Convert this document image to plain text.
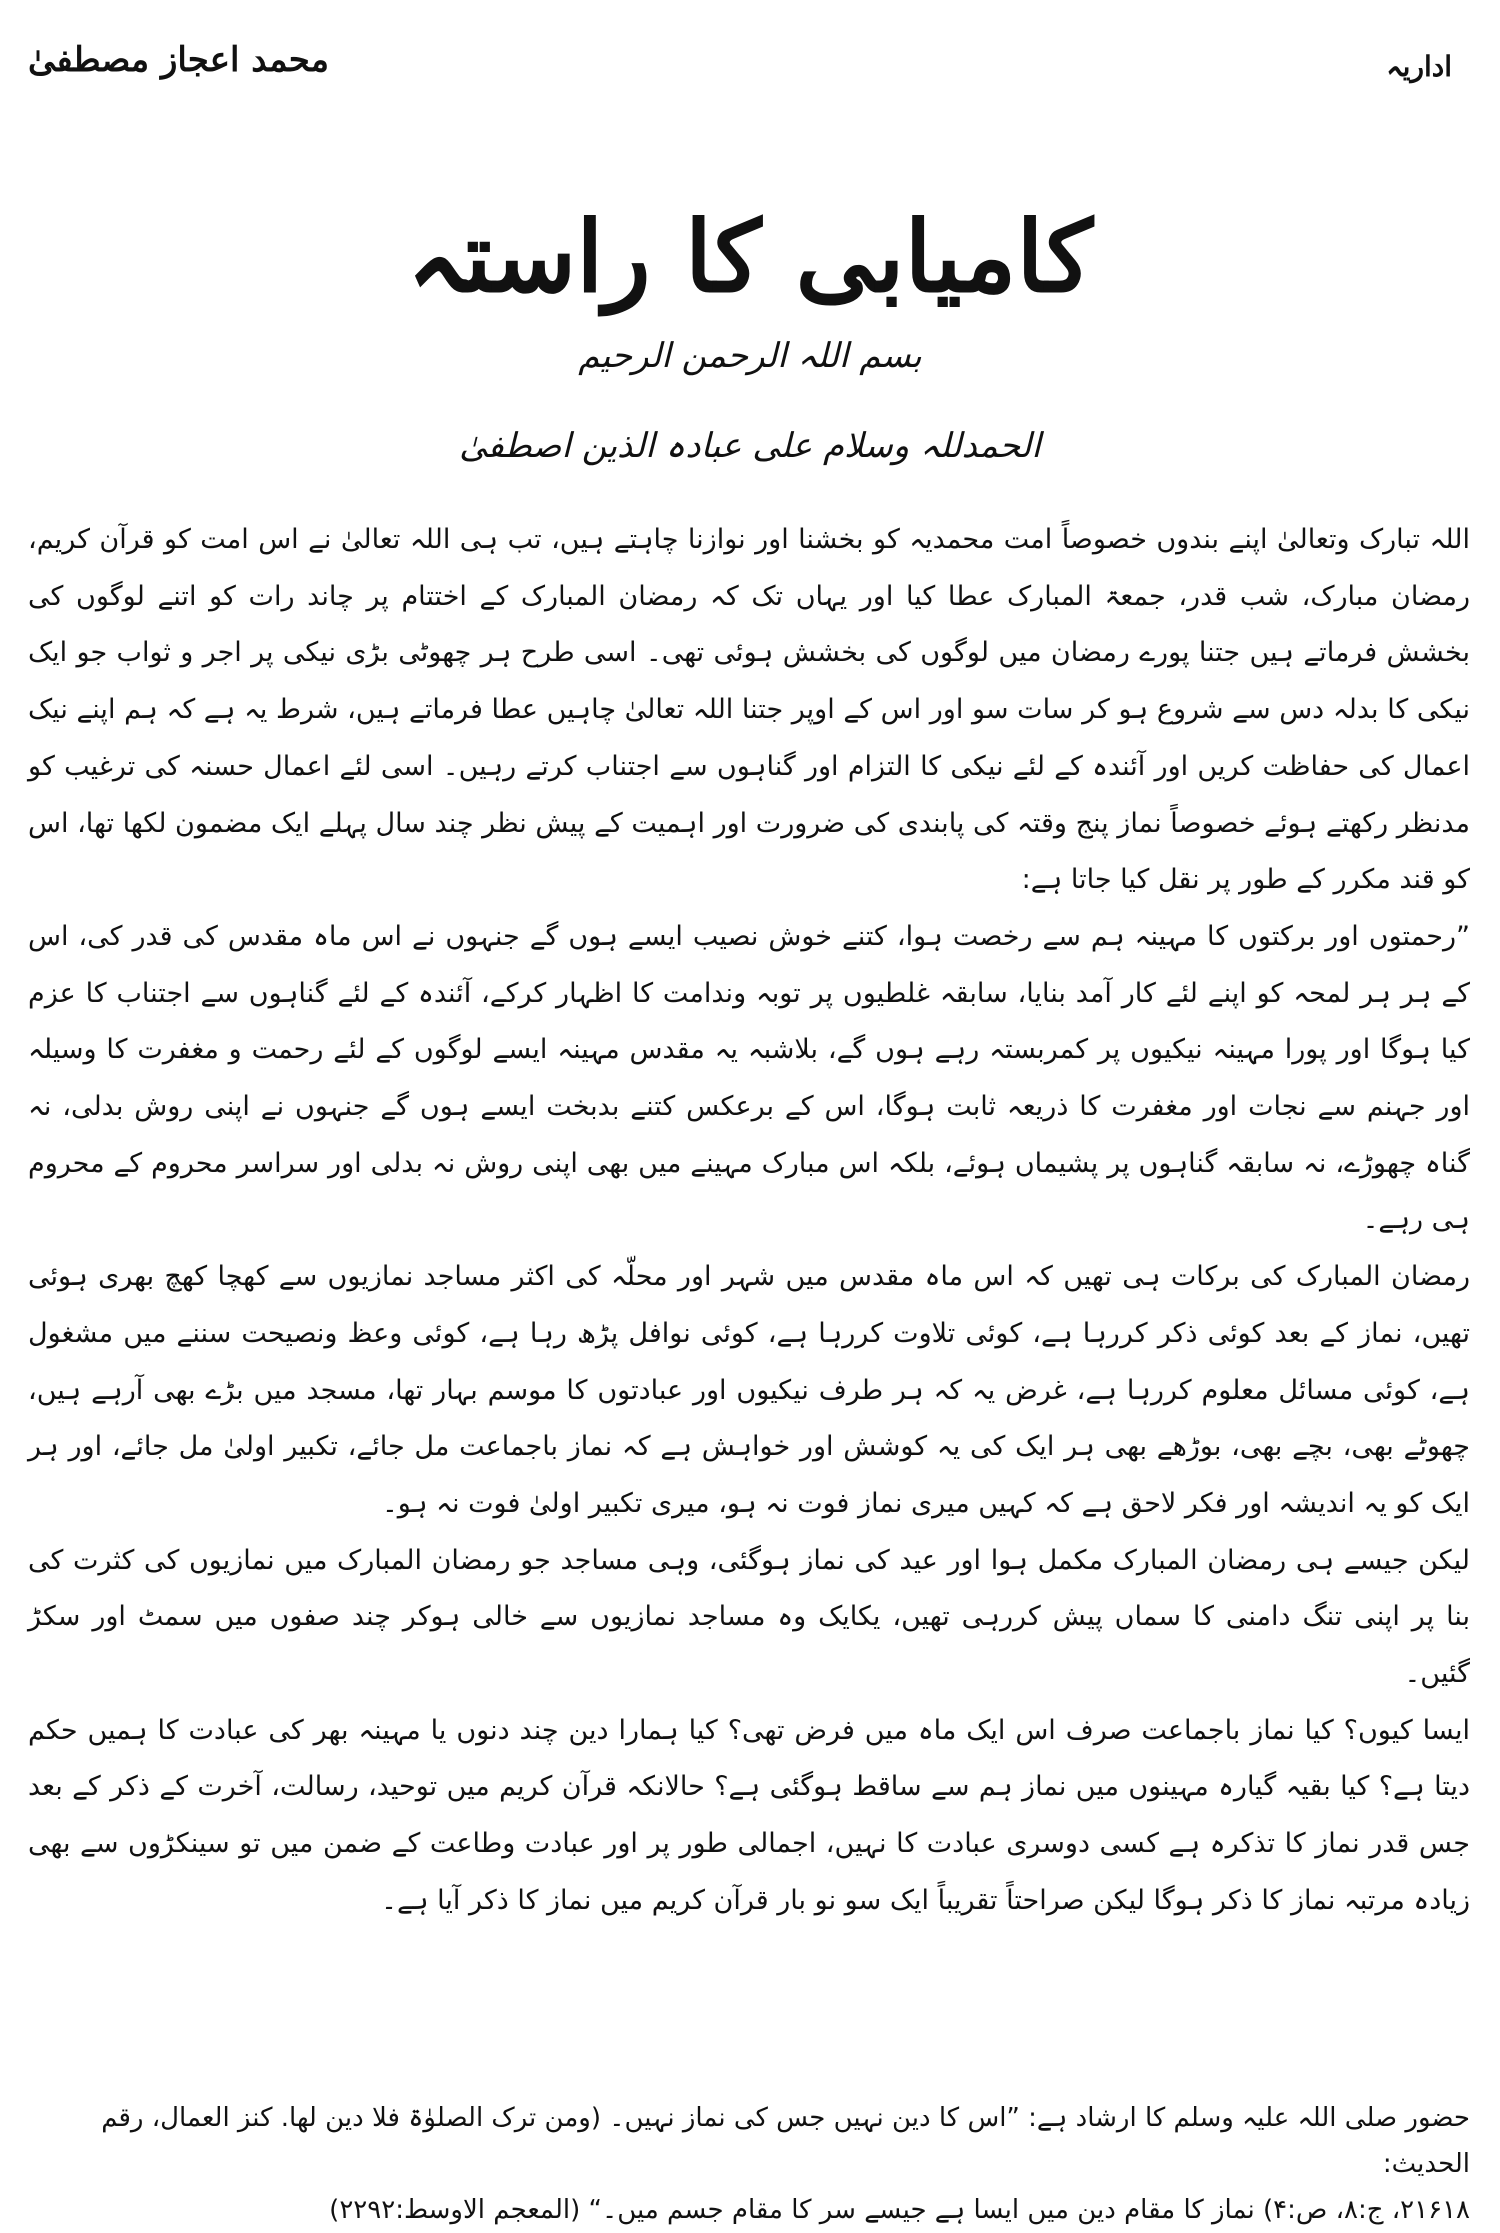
محمد اعجاز مصطفیٰ	اداریہ
کامیابی کا راستہ
بسم اللہ الرحمن الرحیم
الحمدللہ وسلام علی عبادہ الذین اصطفیٰ

اللہ تبارک وتعالیٰ اپنے بندوں خصوصاً امت محمدیہ کو بخشنا اور نوازنا چاہتے ہیں، تب ہی اللہ تعالیٰ نے اس امت کو قرآن کریم، رمضان مبارک، شب قدر، جمعۃ المبارک عطا کیا اور یہاں تک کہ رمضان المبارک کے اختتام پر چاند رات کو اتنے لوگوں کی بخشش فرماتے ہیں جتنا پورے رمضان میں لوگوں کی بخشش ہوئی تھی۔ اسی طرح ہر چھوٹی بڑی نیکی پر اجر و ثواب جو ایک نیکی کا بدلہ دس سے شروع ہو کر سات سو اور اس کے اوپر جتنا اللہ تعالیٰ چاہیں عطا فرماتے ہیں، شرط یہ ہے کہ ہم اپنے نیک اعمال کی حفاظت کریں اور آئندہ کے لئے نیکی کا التزام اور گناہوں سے اجتناب کرتے رہیں۔ اسی لئے اعمال حسنہ کی ترغیب کو مدنظر رکھتے ہوئے خصوصاً نماز پنج وقتہ کی پابندی کی ضرورت اور اہمیت کے پیش نظر چند سال پہلے ایک مضمون لکھا تھا، اس کو قند مکرر کے طور پر نقل کیا جاتا ہے:

”رحمتوں اور برکتوں کا مہینہ ہم سے رخصت ہوا، کتنے خوش نصیب ایسے ہوں گے جنہوں نے اس ماہ مقدس کی قدر کی، اس کے ہر ہر لمحہ کو اپنے لئے کار آمد بنایا، سابقہ غلطیوں پر توبہ وندامت کا اظہار کرکے، آئندہ کے لئے گناہوں سے اجتناب کا عزم کیا ہوگا اور پورا مہینہ نیکیوں پر کمربستہ رہے ہوں گے، بلاشبہ یہ مقدس مہینہ ایسے لوگوں کے لئے رحمت و مغفرت کا وسیلہ اور جہنم سے نجات اور مغفرت کا ذریعہ ثابت ہوگا، اس کے برعکس کتنے بدبخت ایسے ہوں گے جنہوں نے اپنی روش بدلی، نہ گناہ چھوڑے، نہ سابقہ گناہوں پر پشیماں ہوئے، بلکہ اس مبارک مہینے میں بھی اپنی روش نہ بدلی اور سراسر محروم کے محروم ہی رہے۔

رمضان المبارک کی برکات ہی تھیں کہ اس ماہ مقدس میں شہر اور محلّہ کی اکثر مساجد نمازیوں سے کھچا کھچ بھری ہوئی تھیں، نماز کے بعد کوئی ذکر کررہا ہے، کوئی تلاوت کررہا ہے، کوئی نوافل پڑھ رہا ہے، کوئی وعظ ونصیحت سننے میں مشغول ہے، کوئی مسائل معلوم کررہا ہے، غرض یہ کہ ہر طرف نیکیوں اور عبادتوں کا موسم بہار تھا، مسجد میں بڑے بھی آرہے ہیں، چھوٹے بھی، بچے بھی، بوڑھے بھی ہر ایک کی یہ کوشش اور خواہش ہے کہ نماز باجماعت مل جائے، تکبیر اولیٰ مل جائے، اور ہر ایک کو یہ اندیشہ اور فکر لاحق ہے کہ کہیں میری نماز فوت نہ ہو، میری تکبیر اولیٰ فوت نہ ہو۔

لیکن جیسے ہی رمضان المبارک مکمل ہوا اور عید کی نماز ہوگئی، وہی مساجد جو رمضان المبارک میں نمازیوں کی کثرت کی بنا پر اپنی تنگ دامنی کا سماں پیش کررہی تھیں، یکایک وہ مساجد نمازیوں سے خالی ہوکر چند صفوں میں سمٹ اور سکڑ گئیں۔

ایسا کیوں؟ کیا نماز باجماعت صرف اس ایک ماہ میں فرض تھی؟ کیا ہمارا دین چند دنوں یا مہینہ بھر کی عبادت کا ہمیں حکم دیتا ہے؟ کیا بقیہ گیارہ مہینوں میں نماز ہم سے ساقط ہوگئی ہے؟ حالانکہ قرآن کریم میں توحید، رسالت، آخرت کے ذکر کے بعد جس قدر نماز کا تذکرہ ہے کسی دوسری عبادت کا نہیں، اجمالی طور پر اور عبادت وطاعت کے ضمن میں تو سینکڑوں سے بھی زیادہ مرتبہ نماز کا ذکر ہوگا لیکن صراحتاً تقریباً ایک سو نو بار قرآن کریم میں نماز کا ذکر آیا ہے۔

حضور صلی اللہ علیہ وسلم کا ارشاد ہے: ”اس کا دین نہیں جس کی نماز نہیں۔ (ومن ترک الصلوٰۃ فلا دین لھا. کنز العمال، رقم الحدیث:
۲۱۶۱۸، ج:۸، ص:۴) نماز کا مقام دین میں ایسا ہے جیسے سر کا مقام جسم میں۔“ (المعجم الاوسط:۲۲۹۲)
